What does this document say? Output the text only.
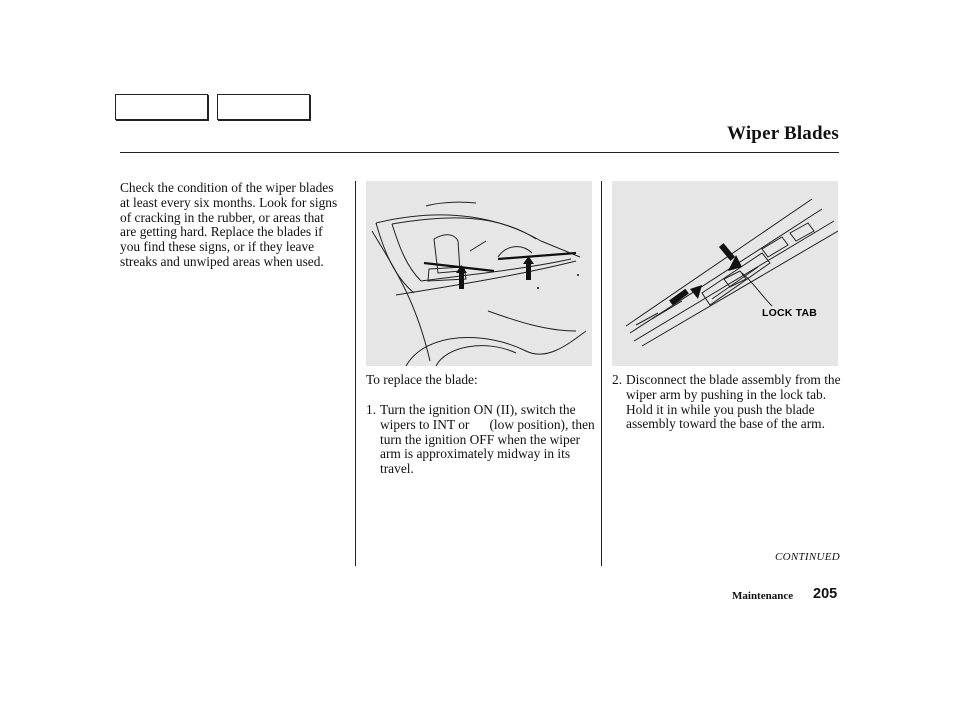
Wiper Blades

Check the condition of the wiper blades at least every six months. Look for signs of cracking in the rubber, or areas that are getting hard. Replace the blades if you find these signs, or if they leave streaks and unwiped areas when used.

LOCK TAB

To replace the blade:

1. Turn the ignition ON (II), switch the wipers to INT or      (low position), then turn the ignition OFF when the wiper arm is approximately midway in its travel.
2. Disconnect the blade assembly from the wiper arm by pushing in the lock tab. Hold it in while you push the blade assembly toward the base of the arm.
CONTINUED
Maintenance 205
